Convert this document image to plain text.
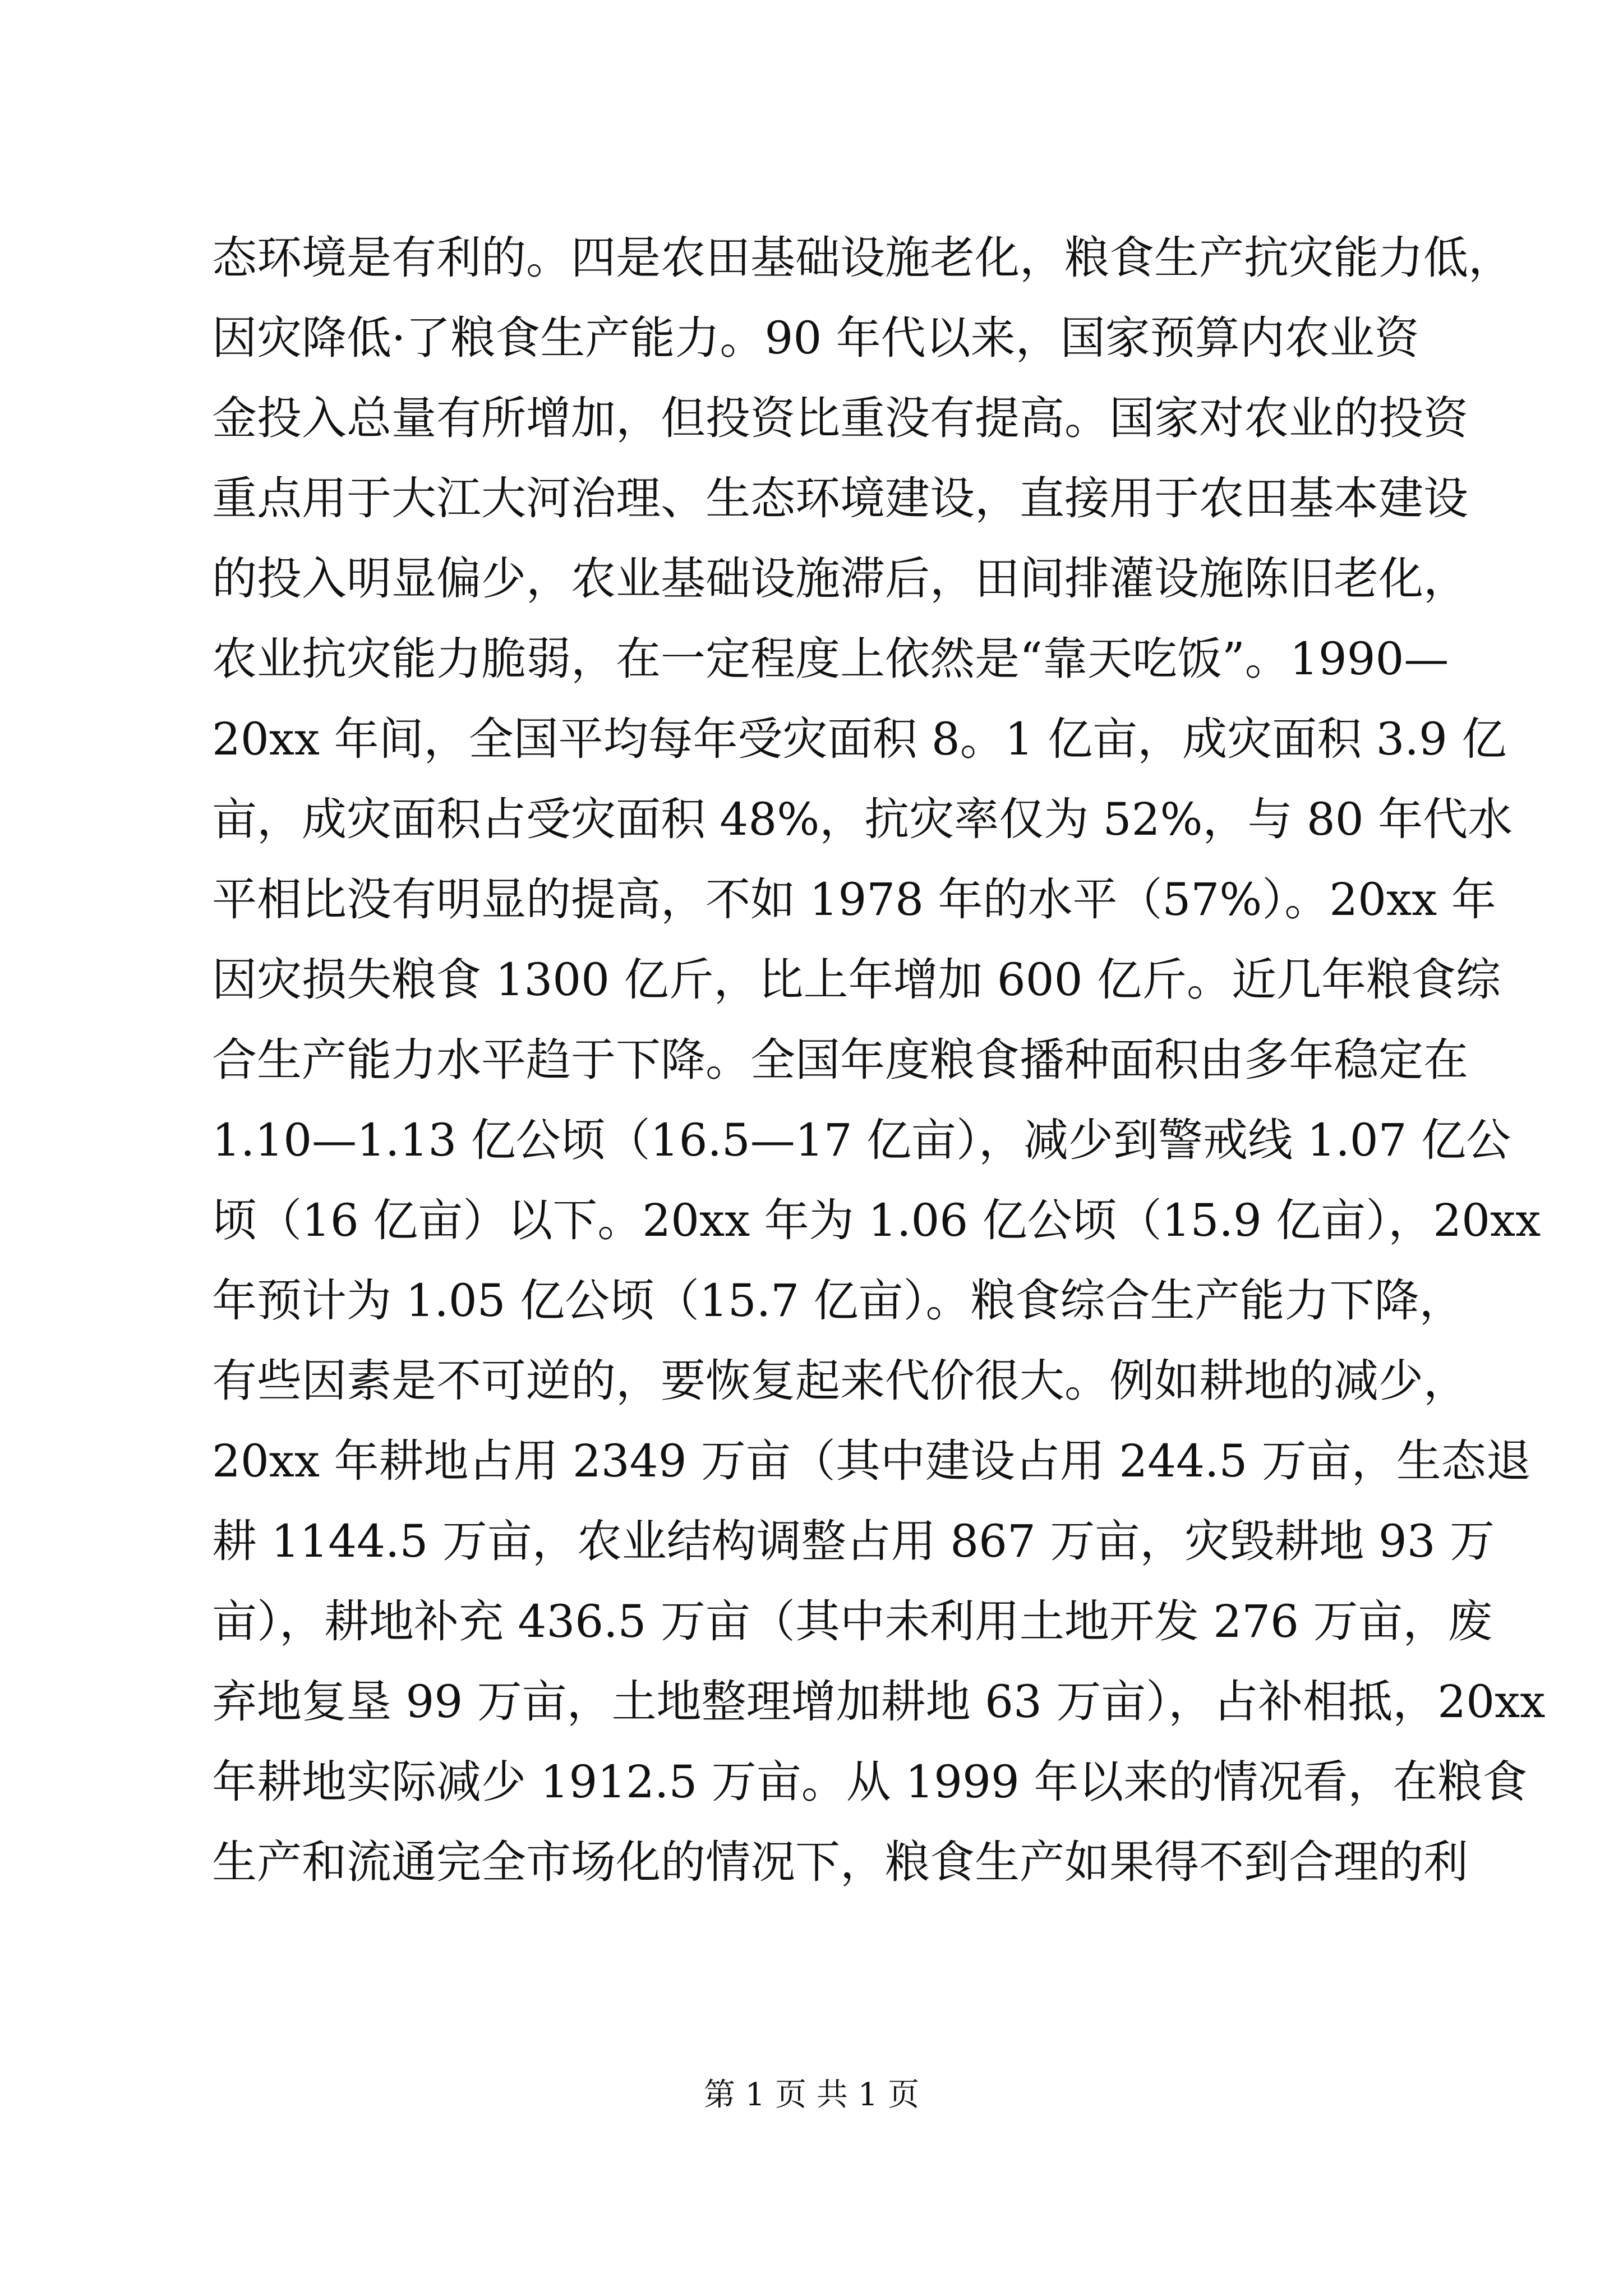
态环境是有利的。四是农田基础设施老化，粮食生产抗灾能力低，
因灾降低·了粮食生产能力。90 年代以来，国家预算内农业资
金投入总量有所增加，但投资比重没有提高。国家对农业的投资
重点用于大江大河治理、生态环境建设，直接用于农田基本建设
的投入明显偏少，农业基础设施滞后，田间排灌设施陈旧老化，
农业抗灾能力脆弱，在一定程度上依然是“靠天吃饭”。1990—
20xx 年间，全国平均每年受灾面积 8。1 亿亩，成灾面积 3.9 亿
亩，成灾面积占受灾面积 48%，抗灾率仅为 52%，与 80 年代水
平相比没有明显的提高，不如 1978 年的水平（57%）。20xx 年
因灾损失粮食 1300 亿斤，比上年增加 600 亿斤。近几年粮食综
合生产能力水平趋于下降。全国年度粮食播种面积由多年稳定在
1.10—1.13 亿公顷（16.5—17 亿亩），减少到警戒线 1.07 亿公
顷（16 亿亩）以下。20xx 年为 1.06 亿公顷（15.9 亿亩），20xx
年预计为 1.05 亿公顷（15.7 亿亩）。粮食综合生产能力下降，
有些因素是不可逆的，要恢复起来代价很大。例如耕地的减少，
20xx 年耕地占用 2349 万亩（其中建设占用 244.5 万亩，生态退
耕 1144.5 万亩，农业结构调整占用 867 万亩，灾毁耕地 93 万
亩），耕地补充 436.5 万亩（其中未利用土地开发 276 万亩，废
弃地复垦 99 万亩，土地整理增加耕地 63 万亩），占补相抵，20xx
年耕地实际减少 1912.5 万亩。从 1999 年以来的情况看，在粮食
生产和流通完全市场化的情况下，粮食生产如果得不到合理的利
第 1 页 共 1 页
